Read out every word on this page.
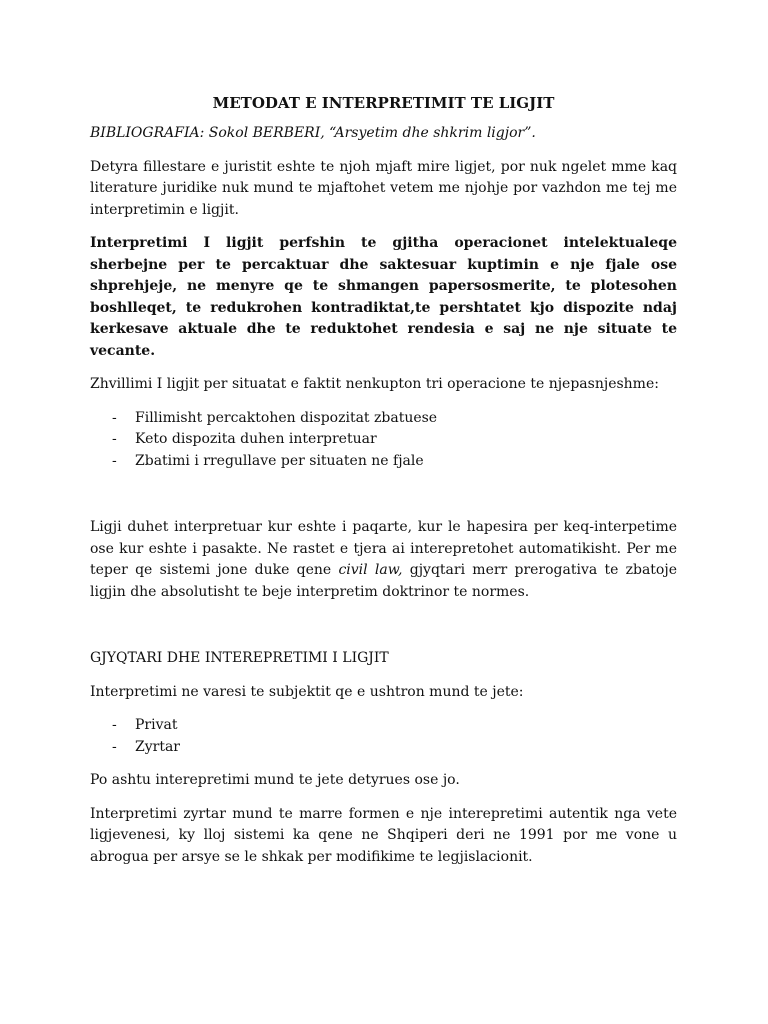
METODAT E INTERPRETIMIT TE LIGJIT
BIBLIOGRAFIA: Sokol BERBERI, “Arsyetim dhe shkrim ligjor”.

Detyra fillestare e juristit eshte te njoh mjaft mire ligjet, por nuk ngelet mme kaq literature juridike nuk mund te mjaftohet vetem me njohje por vazhdon me tej me interpretimin e ligjit.

Interpretimi I ligjit perfshin te gjitha operacionet intelektualeqe sherbejne per te percaktuar dhe saktesuar kuptimin e nje fjale ose shprehjeje, ne menyre qe te shmangen papersosmerite, te plotesohen boshlleqet, te redukrohen kontradiktat,te pershtatet kjo dispozite ndaj kerkesave aktuale dhe te reduktohet rendesia e saj ne nje situate te vecante.

Zhvillimi I ligjit per situatat e faktit nenkupton tri operacione te njepasnjeshme:

- Fillimisht percaktohen dispozitat zbatuese
- Keto dispozita duhen interpretuar
- Zbatimi i rregullave per situaten ne fjale

Ligji duhet interpretuar kur eshte i paqarte, kur le hapesira per keq-interpetime ose kur eshte i pasakte. Ne rastet e tjera ai interepretohet automatikisht. Per me teper qe sistemi jone duke qene civil law, gjyqtari merr prerogativa te zbatoje ligjin dhe absolutisht te beje interpretim doktrinor te normes.

GJYQTARI DHE INTEREPRETIMI I LIGJIT

Interpretimi ne varesi te subjektit qe e ushtron mund te jete:

- Privat
- Zyrtar

Po ashtu interepretimi mund te jete detyrues ose jo.

Interpretimi zyrtar mund te marre formen e nje interepretimi autentik nga vete ligjevenesi, ky lloj sistemi ka qene ne Shqiperi deri ne 1991 por me vone u abrogua per arsye se le shkak per modifikime te legjislacionit.
